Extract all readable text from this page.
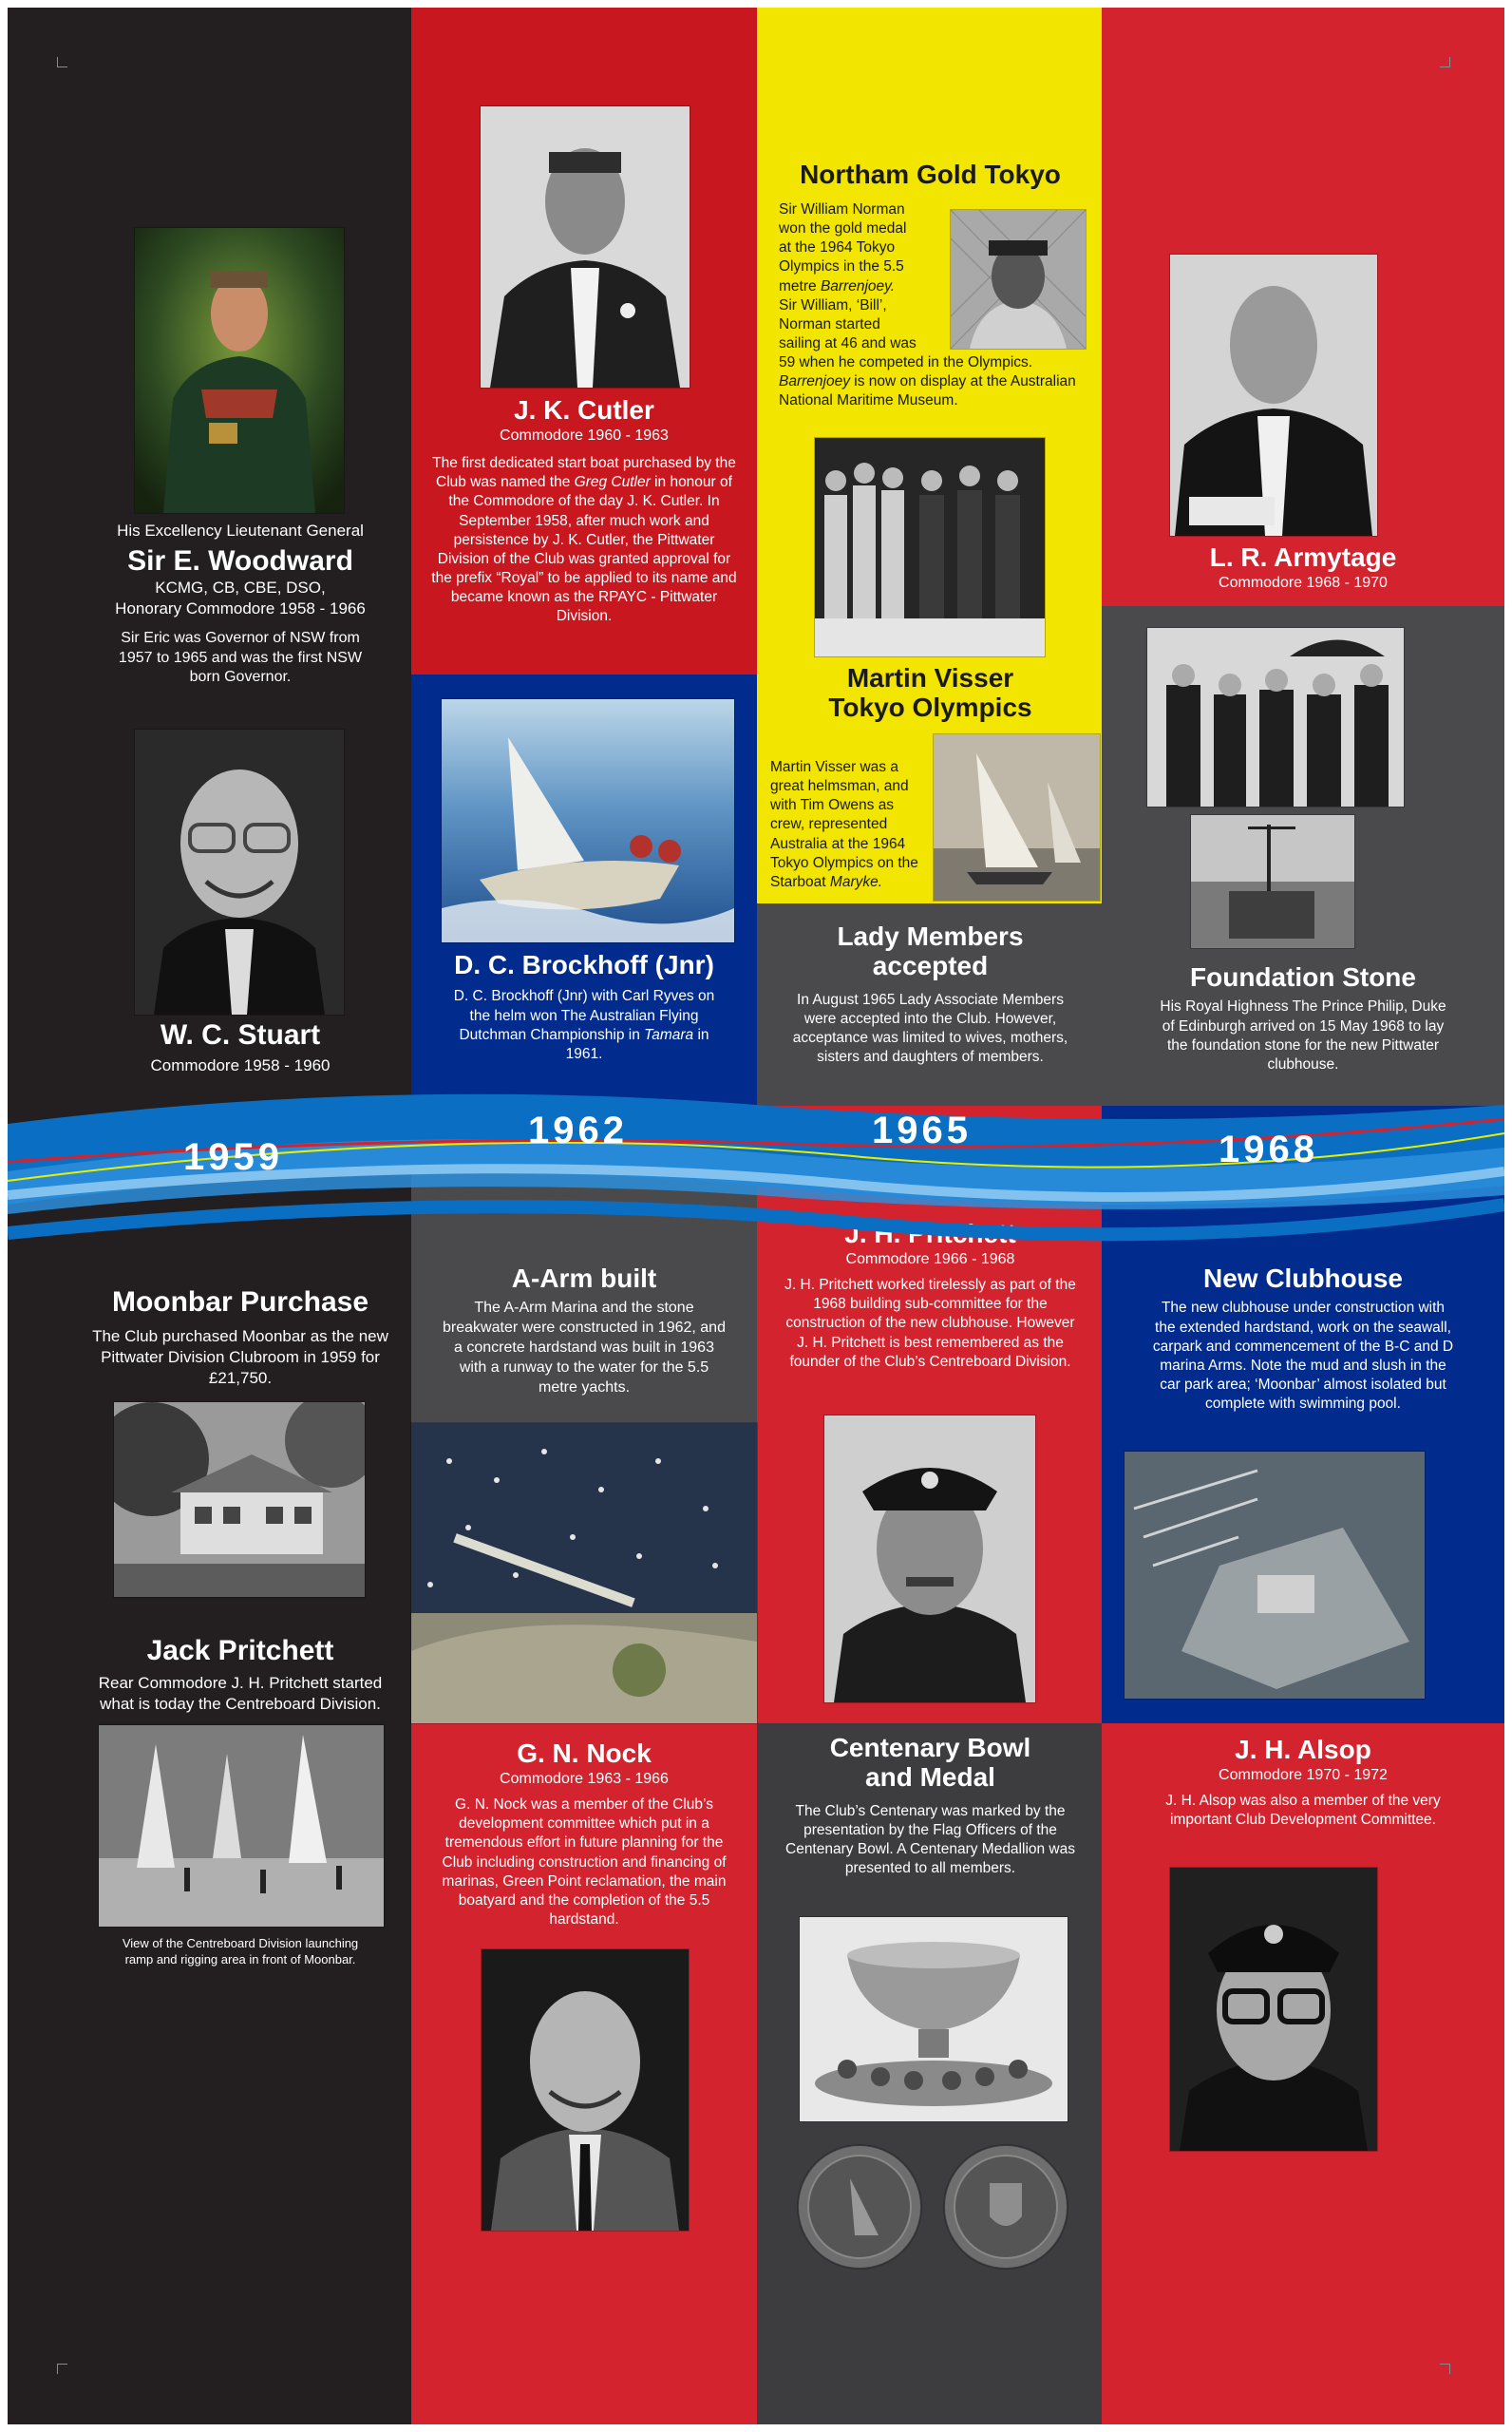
His Excellency Lieutenant General

Sir E. Woodward

KCMG, CB, CBE, DSO,

Honorary Commodore 1958 - 1966

Sir Eric was Governor of NSW from 1957 to 1965 and was the first NSW born Governor.

W. C. Stuart

Commodore 1958 - 1960

Moonbar Purchase

The Club purchased Moonbar as the new Pittwater Division Clubroom in 1959 for £21,750.

Jack Pritchett

Rear Commodore J. H. Pritchett started what is today the Centreboard Division.

View of the Centreboard Division launching ramp and rigging area in front of Moonbar.

J. K. Cutler

Commodore 1960 - 1963

The first dedicated start boat purchased by the Club was named the Greg Cutler in honour of the Commodore of the day J. K. Cutler. In September 1958, after much work and persistence by J. K. Cutler, the Pittwater Division of the Club was granted approval for the prefix “Royal” to be applied to its name and became known as the RPAYC - Pittwater Division.

D. C. Brockhoff (Jnr)

D. C. Brockhoff (Jnr) with Carl Ryves on the helm won The Australian Flying Dutchman Championship in Tamara in 1961.

A-Arm built

The A-Arm Marina and the stone breakwater were constructed in 1962, and a concrete hardstand was built in 1963 with a runway to the water for the 5.5 metre yachts.

G. N. Nock

Commodore 1963 - 1966

G. N. Nock was a member of the Club’s development committee which put in a tremendous effort in future planning for the Club including construction and financing of marinas, Green Point reclamation, the main boatyard and the completion of the 5.5 hardstand.

Northam Gold Tokyo

Sir William Norman won the gold medal at the 1964 Tokyo Olympics in the 5.5 metre Barrenjoey. Sir William, ‘Bill’, Norman started sailing at 46 and was 59 when he competed in the Olympics. Barrenjoey is now on display at the Australian National Maritime Museum.

Martin Visser Tokyo Olympics

Martin Visser was a great helmsman, and with Tim Owens as crew, represented Australia at the 1964 Tokyo Olympics on the Starboat Maryke.

Lady Members accepted

In August 1965 Lady Associate Members were accepted into the Club. However, acceptance was limited to wives, mothers, sisters and daughters of members.

J. H. Pritchett

Commodore 1966 - 1968

J. H. Pritchett worked tirelessly as part of the 1968 building sub-committee for the construction of the new clubhouse. However J. H. Pritchett is best remembered as the founder of the Club’s Centreboard Division.

Centenary Bowl and Medal

The Club’s Centenary was marked by the presentation by the Flag Officers of the Centenary Bowl. A Centenary Medallion was presented to all members.

L. R. Armytage

Commodore 1968 - 1970

Foundation Stone

His Royal Highness The Prince Philip, Duke of Edinburgh arrived on 15 May 1968 to lay the foundation stone for the new Pittwater clubhouse.

New Clubhouse

The new clubhouse under construction with the extended hardstand, work on the seawall, carpark and commencement of the B-C and D marina Arms. Note the mud and slush in the car park area; ‘Moonbar’ almost isolated but complete with swimming pool.

J. H. Alsop

Commodore 1970 - 1972

J. H. Alsop was also a member of the very important Club Development Committee.

1959
1962	1965	1968
